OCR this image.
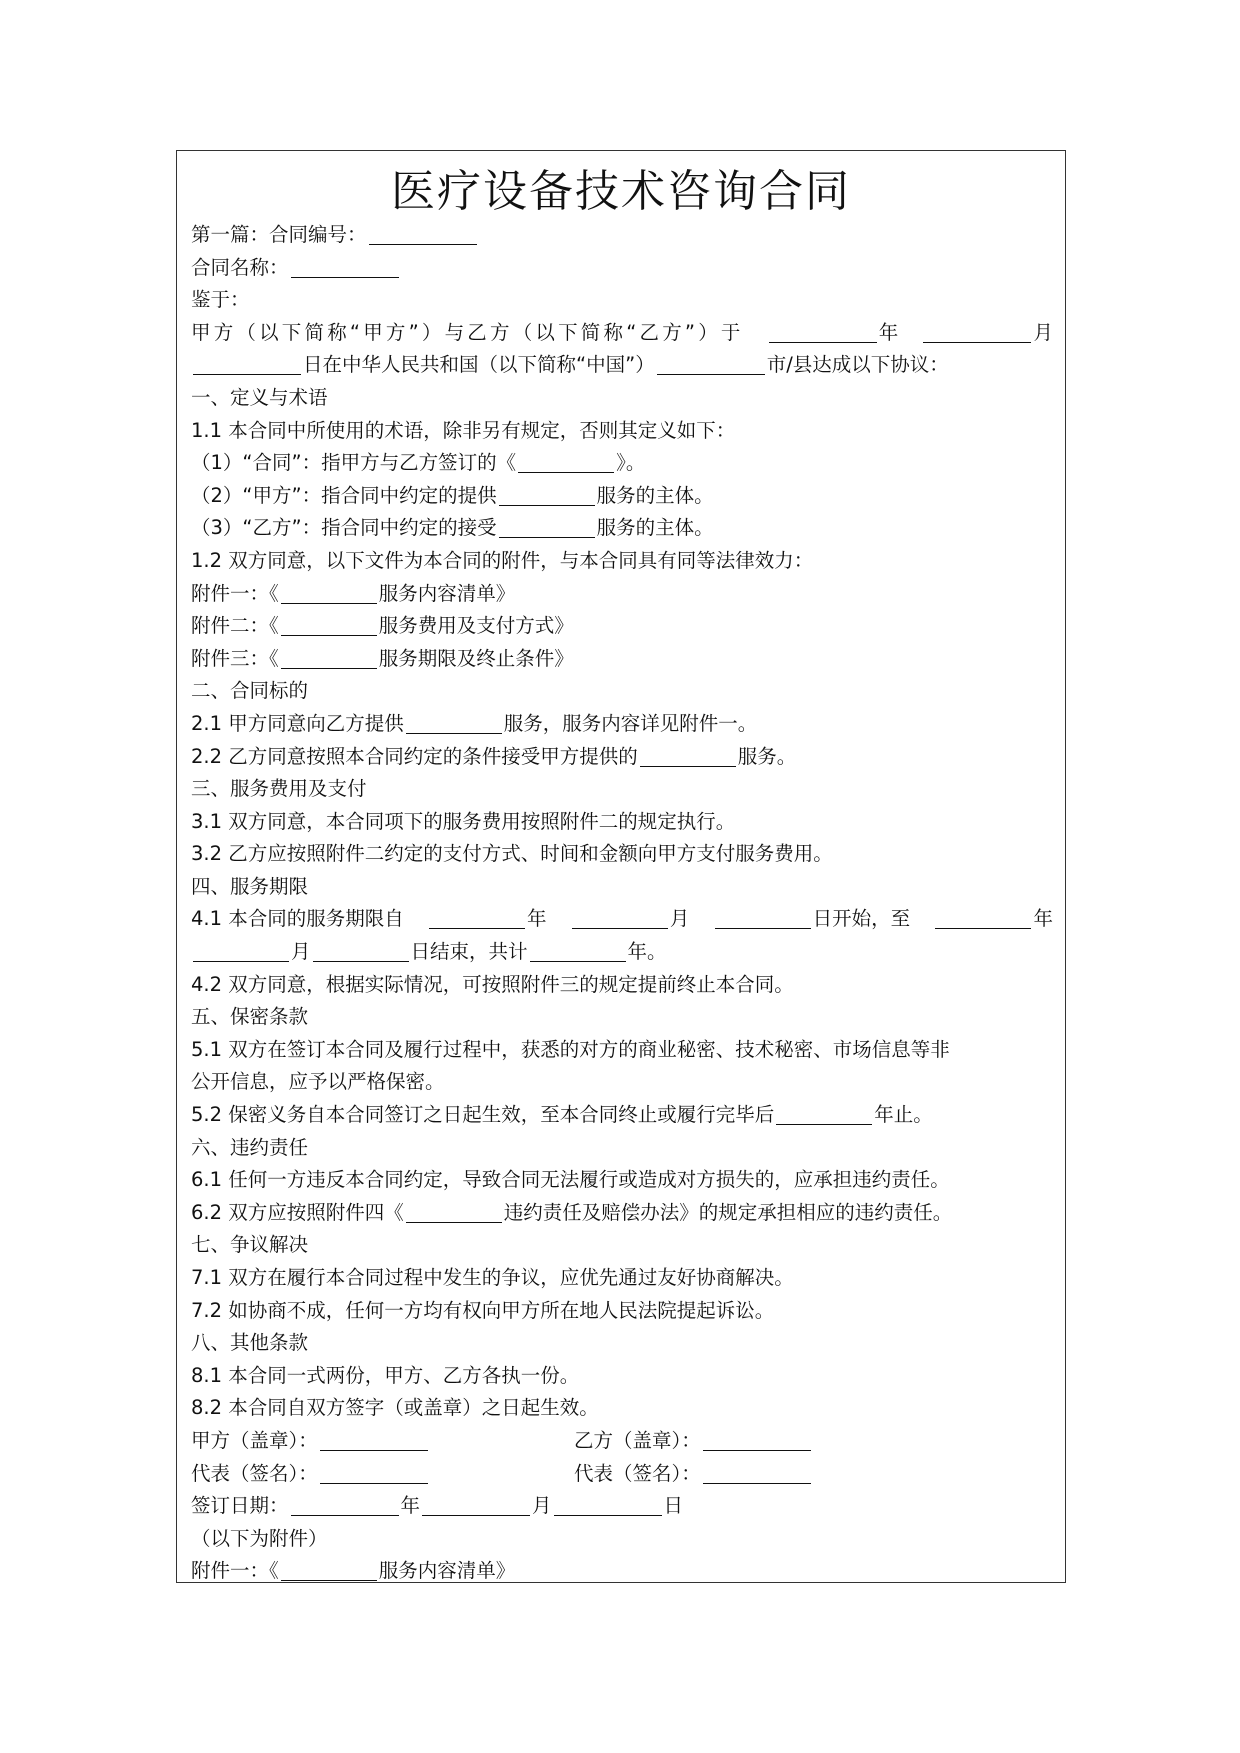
医疗设备技术咨询合同
第一篇：合同编号：
合同名称：
鉴于：
甲方（以下简称“甲方”）与乙方（以下简称“乙方”）于	年	月
日在中华人民共和国（以下简称“中国”）	市/县达成以下协议：
一、定义与术语
1.1 本合同中所使用的术语，除非另有规定，否则其定义如下：
（1）“合同”：指甲方与乙方签订的《	》。
（2）“甲方”：指合同中约定的提供	服务的主体。
（3）“乙方”：指合同中约定的接受	服务的主体。
1.2 双方同意，以下文件为本合同的附件，与本合同具有同等法律效力：
附件一：《	服务内容清单》
附件二：《	服务费用及支付方式》
附件三：《	服务期限及终止条件》
二、合同标的
2.1 甲方同意向乙方提供	服务，服务内容详见附件一。
2.2 乙方同意按照本合同约定的条件接受甲方提供的	服务。
三、服务费用及支付
3.1 双方同意，本合同项下的服务费用按照附件二的规定执行。
3.2 乙方应按照附件二约定的支付方式、时间和金额向甲方支付服务费用。
四、服务期限
4.1 本合同的服务期限自	年	月	日开始，至	年
月	日结束，共计	年。
4.2 双方同意，根据实际情况，可按照附件三的规定提前终止本合同。
五、保密条款
5.1 双方在签订本合同及履行过程中，获悉的对方的商业秘密、技术秘密、市场信息等非
公开信息，应予以严格保密。
5.2 保密义务自本合同签订之日起生效，至本合同终止或履行完毕后	年止。
六、违约责任
6.1 任何一方违反本合同约定，导致合同无法履行或造成对方损失的，应承担违约责任。
6.2 双方应按照附件四《	违约责任及赔偿办法》的规定承担相应的违约责任。
七、争议解决
7.1 双方在履行本合同过程中发生的争议，应优先通过友好协商解决。
7.2 如协商不成，任何一方均有权向甲方所在地人民法院提起诉讼。
八、其他条款
8.1 本合同一式两份，甲方、乙方各执一份。
8.2 本合同自双方签字（或盖章）之日起生效。
甲方（盖章）：	乙方（盖章）：
代表（签名）：	代表（签名）：
签订日期：	年	月	日
（以下为附件）
附件一：《	服务内容清单》
